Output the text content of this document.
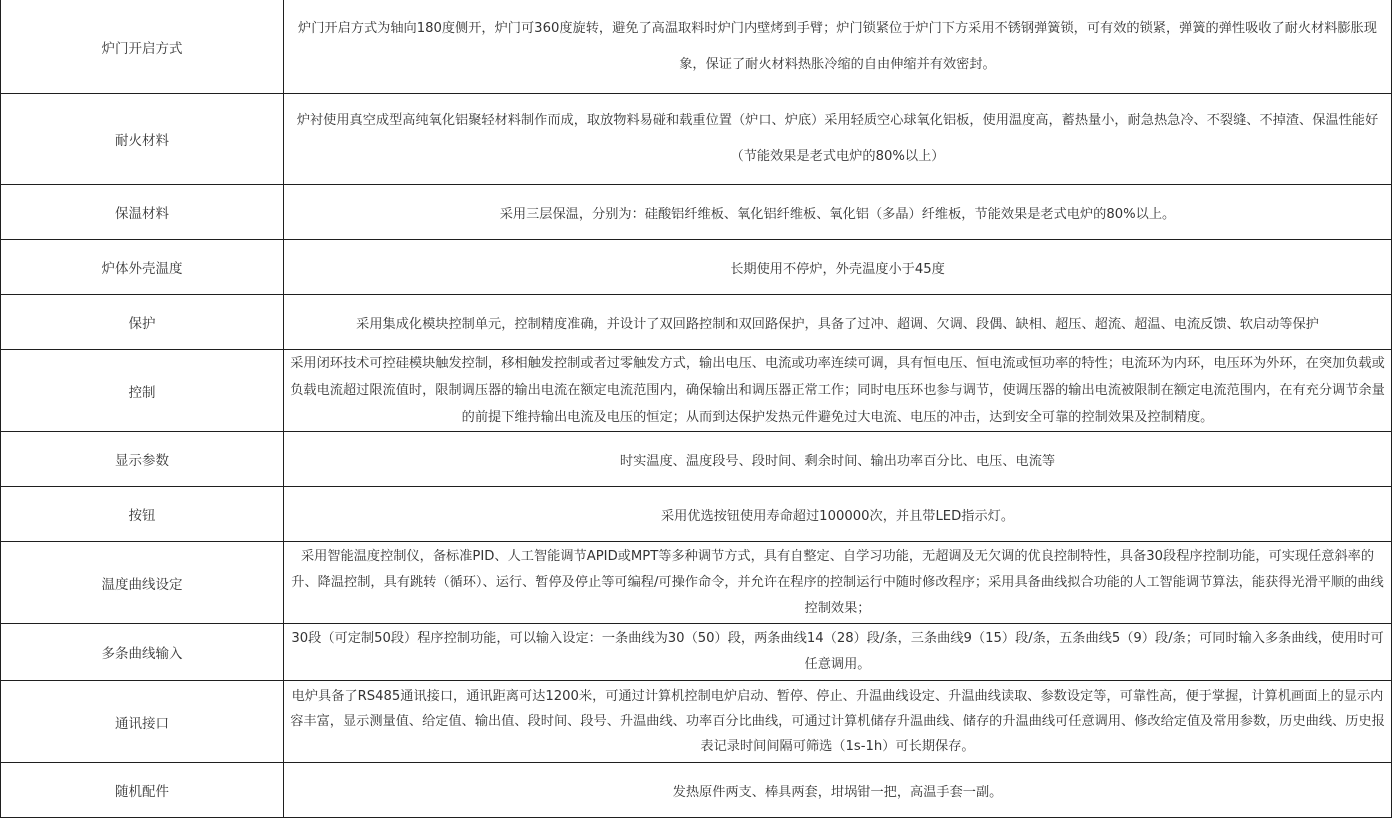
炉门开启方式	炉门开启方式为轴向180度侧开，炉门可360度旋转，避免了高温取料时炉门内壁烤到手臂；炉门锁紧位于炉门下方采用不锈钢弹簧锁，可有效的锁紧，弹簧的弹性吸收了耐火材料膨胀现象，保证了耐火材料热胀冷缩的自由伸缩并有效密封。
耐火材料	炉衬使用真空成型高纯氧化铝聚轻材料制作而成，取放物料易碰和载重位置（炉口、炉底）采用轻质空心球氧化铝板，使用温度高，蓄热量小，耐急热急冷、不裂缝、不掉渣、保温性能好（节能效果是老式电炉的80%以上）
保温材料	采用三层保温，分别为：硅酸铝纤维板、氧化铝纤维板、氧化铝（多晶）纤维板，节能效果是老式电炉的80%以上。
炉体外壳温度	长期使用不停炉，外壳温度小于45度
保护	采用集成化模块控制单元，控制精度准确，并设计了双回路控制和双回路保护，具备了过冲、超调、欠调、段偶、缺相、超压、超流、超温、电流反馈、软启动等保护
控制	采用闭环技术可控硅模块触发控制，移相触发控制或者过零触发方式，输出电压、电流或功率连续可调，具有恒电压、恒电流或恒功率的特性；电流环为内环，电压环为外环，在突加负载或负载电流超过限流值时，限制调压器的输出电流在额定电流范围内，确保输出和调压器正常工作；同时电压环也参与调节，使调压器的输出电流被限制在额定电流范围内，在有充分调节余量的前提下维持输出电流及电压的恒定；从而到达保护发热元件避免过大电流、电压的冲击，达到安全可靠的控制效果及控制精度。
显示参数	时实温度、温度段号、段时间、剩余时间、输出功率百分比、电压、电流等
按钮	采用优选按钮使用寿命超过100000次，并且带LED指示灯。
温度曲线设定	采用智能温度控制仪，备标准PID、人工智能调节APID或MPT等多种调节方式，具有自整定、自学习功能，无超调及无欠调的优良控制特性，具备30段程序控制功能，可实现任意斜率的升、降温控制，具有跳转（循环）、运行、暂停及停止等可编程/可操作命令，并允许在程序的控制运行中随时修改程序；采用具备曲线拟合功能的人工智能调节算法，能获得光滑平顺的曲线控制效果；
多条曲线输入	30段（可定制50段）程序控制功能，可以输入设定：一条曲线为30（50）段，两条曲线14（28）段/条，三条曲线9（15）段/条，五条曲线5（9）段/条；可同时输入多条曲线，使用时可任意调用。
通讯接口	电炉具备了RS485通讯接口，通讯距离可达1200米，可通过计算机控制电炉启动、暂停、停止、升温曲线设定、升温曲线读取、参数设定等，可靠性高，便于掌握，计算机画面上的显示内容丰富，显示测量值、给定值、输出值、段时间、段号、升温曲线、功率百分比曲线，可通过计算机储存升温曲线、储存的升温曲线可任意调用、修改给定值及常用参数，历史曲线、历史报表记录时间间隔可筛选（1s-1h）可长期保存。
随机配件	发热原件两支、棒具两套，坩埚钳一把，高温手套一副。
